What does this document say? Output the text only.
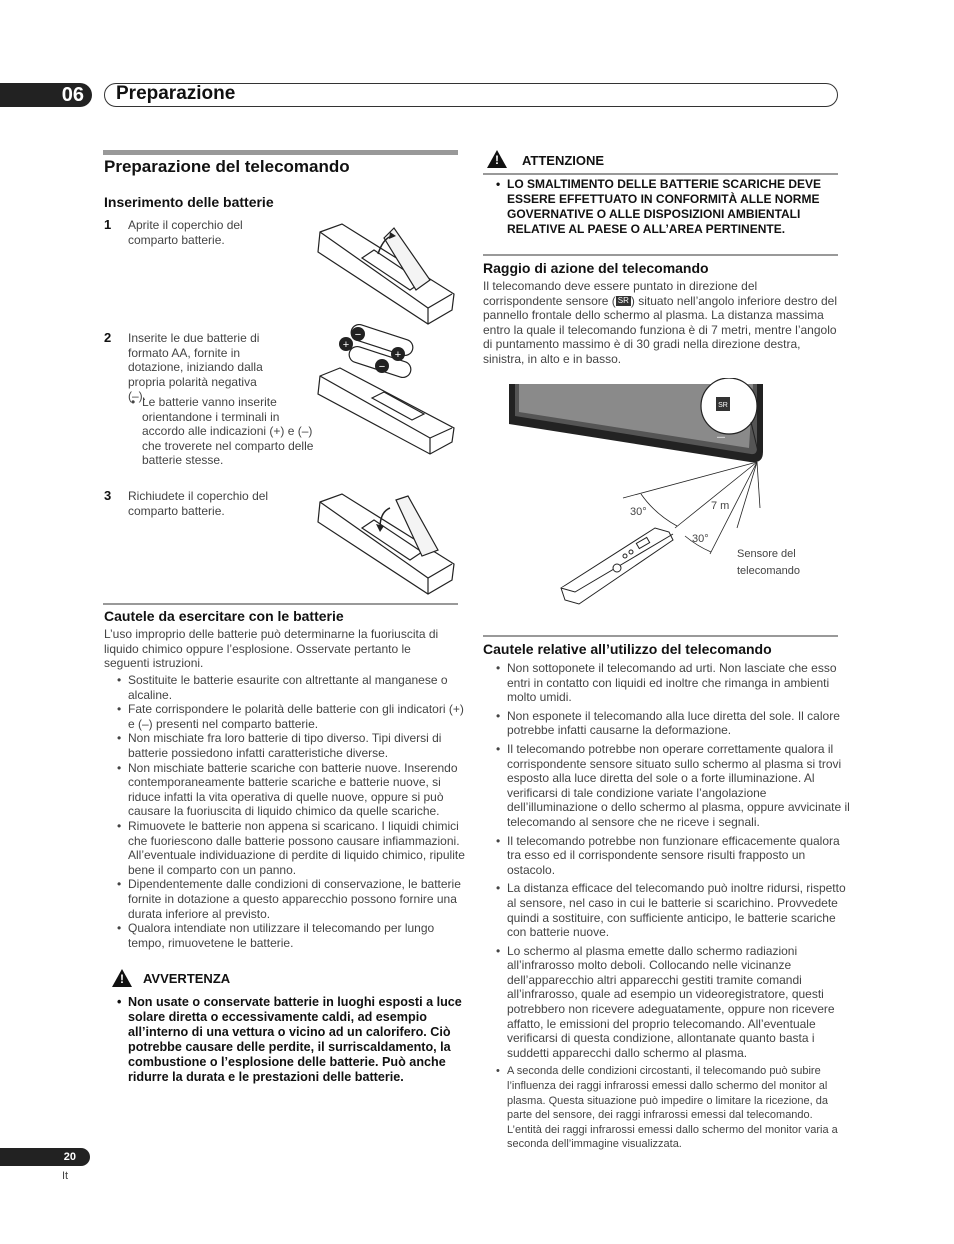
06	Preparazione
Preparazione del telecomando
Inserimento delle batterie
1 Aprite il coperchio del comparto batterie.
2 Inserite le due batterie di formato AA, fornite in dotazione, iniziando dalla propria polarità negativa (–).
• Le batterie vanno inserite orientandone i terminali in accordo alle indicazioni (+) e (–) che troverete nel comparto delle batterie stesse.
−
+
+
−
3 Richiudete il coperchio del comparto batterie.
Cautele da esercitare con le batterie
L’uso improprio delle batterie può determinarne la fuoriuscita di liquido chimico oppure l’esplosione. Osservate pertanto le seguenti istruzioni.
• Sostituite le batterie esaurite con altrettante al manganese o alcaline.
• Fate corrispondere le polarità delle batterie con gli indicatori (+) e (–) presenti nel comparto batterie.
• Non mischiate fra loro batterie di tipo diverso. Tipi diversi di batterie possiedono infatti caratteristiche diverse.
• Non mischiate batterie scariche con batterie nuove. Inserendo contemporaneamente batterie scariche e batterie nuove, si riduce infatti la vita operativa di quelle nuove, oppure si può causare la fuoriuscita di liquido chimico da quelle scariche.
• Rimuovete le batterie non appena si scaricano. I liquidi chimici che fuoriescono dalle batterie possono causare infiammazioni. All’eventuale individuazione di perdite di liquido chimico, ripulite bene il comparto con un panno.
• Dipendentemente dalle condizioni di conservazione, le batterie fornite in dotazione a questo apparecchio possono fornire una durata inferiore al previsto.
• Qualora intendiate non utilizzare il telecomando per lungo tempo, rimuovetene le batterie.
!
AVVERTENZA
• Non usate o conservate batterie in luoghi esposti a luce solare diretta o eccessivamente caldi, ad esempio all’interno di una vettura o vicino ad un calorifero. Ciò potrebbe causare delle perdite, il surriscaldamento, la combustione o l’esplosione delle batterie. Può anche ridurre la durata e le prestazioni delle batterie.
!
ATTENZIONE
• LO SMALTIMENTO DELLE BATTERIE SCARICHE DEVE ESSERE EFFETTUATO IN CONFORMITÀ ALLE NORME GOVERNATIVE O ALLE DISPOSIZIONI AMBIENTALI RELATIVE AL PAESE O ALL’AREA PERTINENTE.
Raggio di azione del telecomando
Il telecomando deve essere puntato in direzione del corrispondente sensore ( SR ) situato nell’angolo inferiore destro del pannello frontale dello schermo al plasma. La distanza massima entro la quale il telecomando funziona è di 7 metri, mentre l’angolo di puntamento massimo è di 30 gradi nella direzione destra, sinistra, in alto e in basso.
▬▬
SR
30°	7 m
30°
Sensore del
telecomando
Cautele relative all’utilizzo del telecomando
• Non sottoponete il telecomando ad urti. Non lasciate che esso entri in contatto con liquidi ed inoltre che rimanga in ambienti molto umidi.
• Non esponete il telecomando alla luce diretta del sole. Il calore potrebbe infatti causarne la deformazione.
• Il telecomando potrebbe non operare correttamente qualora il corrispondente sensore situato sullo schermo al plasma si trovi esposto alla luce diretta del sole o a forte illuminazione. Al verificarsi di tale condizione variate l’angolazione dell’illuminazione o dello schermo al plasma, oppure avvicinate il telecomando al sensore che ne riceve i segnali.
• Il telecomando potrebbe non funzionare efficacemente qualora tra esso ed il corrispondente sensore risulti frapposto un ostacolo.
• La distanza efficace del telecomando può inoltre ridursi, rispetto al sensore, nel caso in cui le batterie si scarichino. Provvedete quindi a sostituire, con sufficiente anticipo, le batterie scariche con batterie nuove.
• Lo schermo al plasma emette dallo schermo radiazioni all’infrarosso molto deboli. Collocando nelle vicinanze dell’apparecchio altri apparecchi gestiti tramite comandi all’infrarosso, quale ad esempio un videoregistratore, questi potrebbero non ricevere adeguatamente, oppure non ricevere affatto, le emissioni del proprio telecomando. All’eventuale verificarsi di questa condizione, allontanate quanto basta i suddetti apparecchi dallo schermo al plasma.
• A seconda delle condizioni circostanti, il telecomando può subire l’influenza dei raggi infrarossi emessi dallo schermo del monitor al plasma. Questa situazione può impedire o limitare la ricezione, da parte del sensore, dei raggi infrarossi emessi dal telecomando. L’entità dei raggi infrarossi emessi dallo schermo del monitor varia a seconda dell’immagine visualizzata.
20
It
